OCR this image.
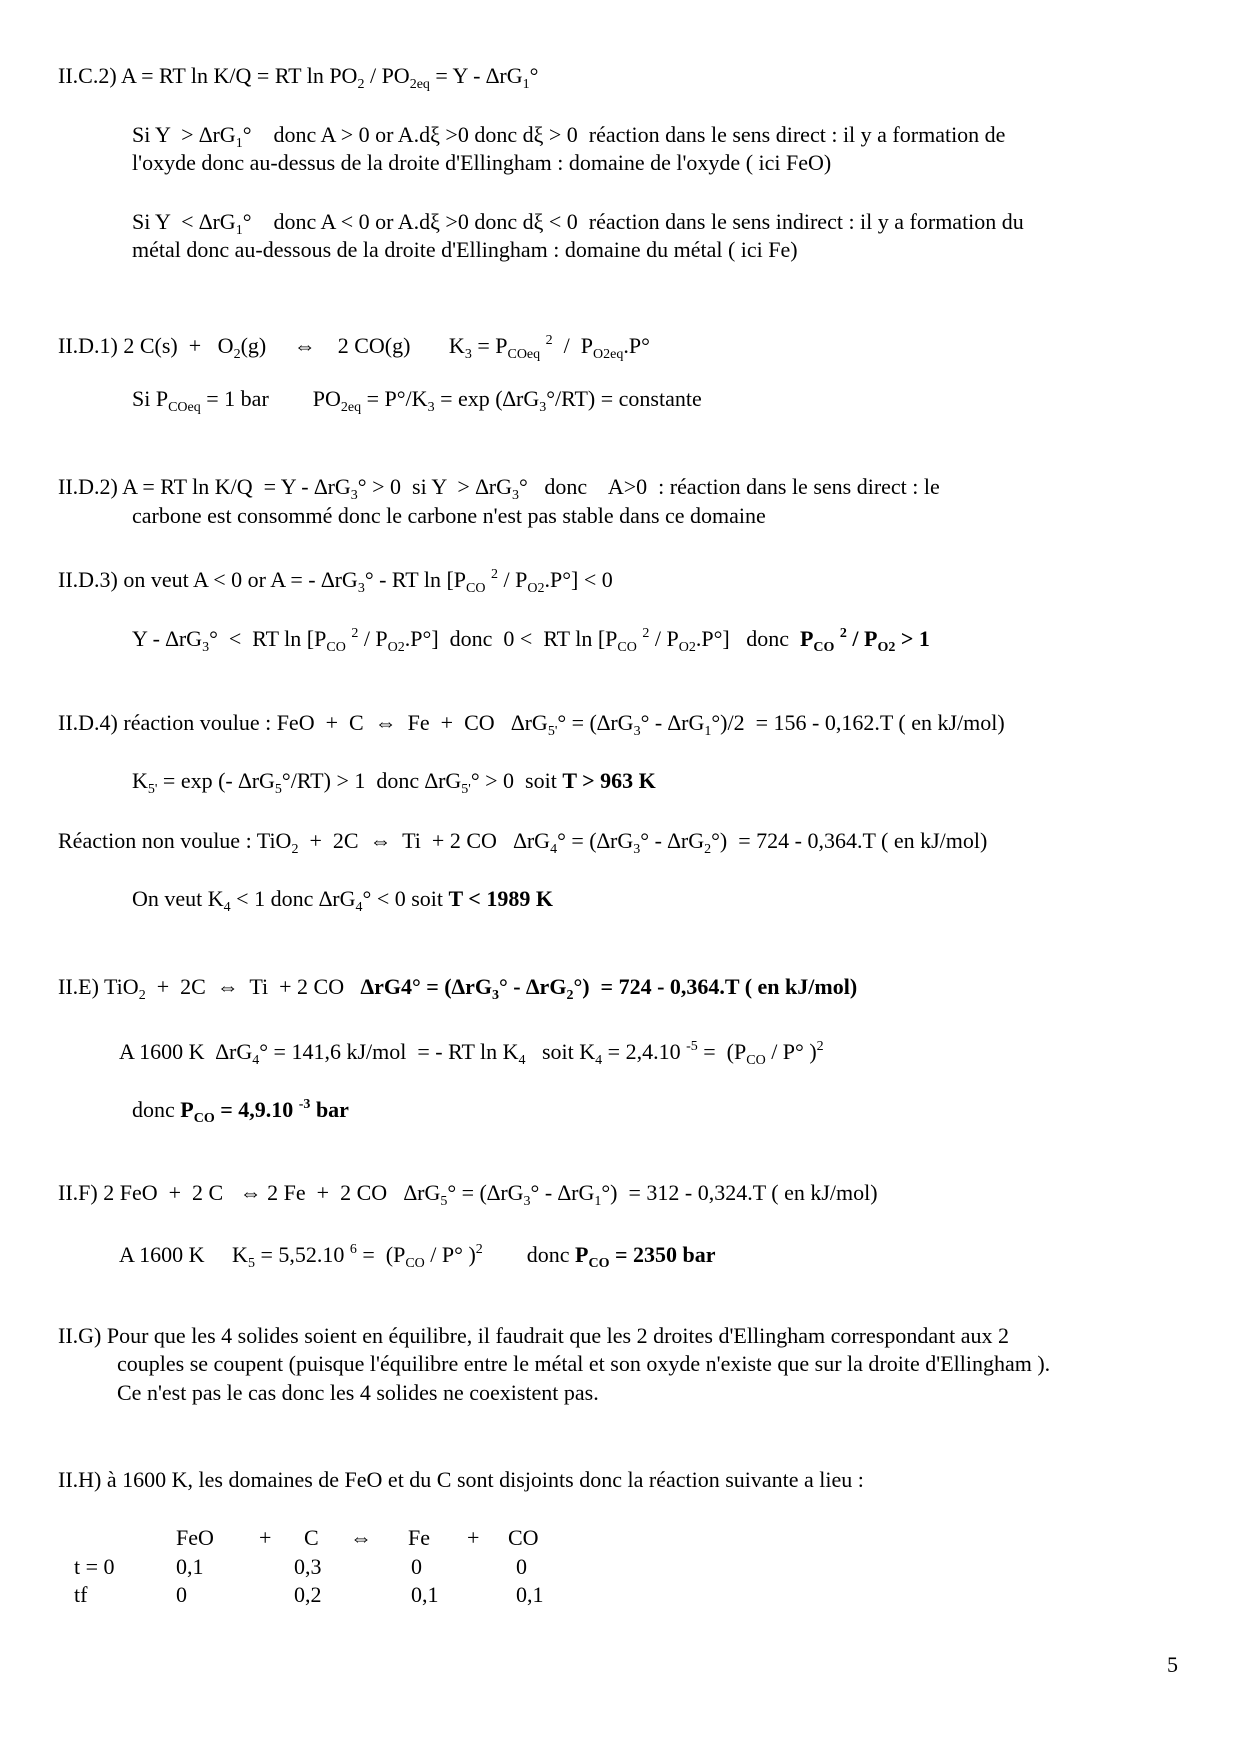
II.C.2) A = RT ln K/Q = RT $\ln PO_2 / PO_{2eq} = Y - \Delta rG_1^\circ$
Si $Y > \Delta rG_1^\circ$    donc A > 0 or A.dξ >0 donc dξ > 0  réaction dans le sens direct : il y a formation de
l'oxyde donc au-dessus de la droite d'Ellingham : domaine de l'oxyde ( ici FeO)
Si $Y < \Delta rG_1^\circ$    donc A < 0 or A.dξ >0 donc dξ < 0  réaction dans le sens indirect : il y a formation du
métal donc au-dessous de la droite d'Ellingham : domaine du métal ( ici Fe)
II.D.1) 2 $C(s) + O_2(g)$     ⇔    2 CO(g)       $K_3 = P_{COeq}$ $^2 / P_{O2eq}.P^\circ$
Si $P_{COeq} = 1$ bar        $PO_{2eq} = P^\circ/K_3 = \exp (\Delta rG_3^\circ/RT)$ = constante
II.D.2) A = RT $\ln K/Q = Y - \Delta rG_3^\circ > 0$  si $Y > \Delta rG_3^\circ$   donc    A>0  : réaction dans le sens direct : le
carbone est consommé donc le carbone n'est pas stable dans ce domaine
II.D.3) on veut A < 0 or A = - $\Delta rG_3^\circ$ - RT $\ln [P_{CO}$ $^2 / P_{O2}.P^\circ] < 0$
Y - $\Delta rG_3^\circ$  <  RT $\ln [P_{CO}$ $^2 / P_{O2}.P^\circ$]  donc  0 <  RT $\ln [P_{CO}$ $^2 / P_{O2}.P^\circ$]   donc  $P_{CO}$ $^2 / P_{O2} > 1$
II.D.4) réaction voulue : FeO  +  C  ⇔  Fe  +  CO   $\Delta rG_{5'}^\circ = (\Delta rG_3^\circ - \Delta rG_1^\circ)/2 = 156 - 0,162.T$ ( en kJ/mol)
$K_{5'} = \exp$ (- $\Delta rG_5^\circ/RT) > 1$  donc $\Delta rG_{5'}^\circ > 0$  soit T > 963 K
Réaction non voulue : TiO$_2$  +  2C  ⇔  Ti  + 2 CO   $\Delta rG_4^\circ = (\Delta rG_3^\circ - \Delta rG_2^\circ) = 724 - 0,364.T$ ( en kJ/mol)
On veut $K_4 < 1$ donc $\Delta rG_4^\circ < 0$ soit T < 1989 K
II.E) TiO$_2$  +  2C  ⇔  Ti  + 2 CO   $\Delta rG4^\circ = (\Delta rG_3^\circ - \Delta rG_2^\circ) = 724 - 0,364.T$ ( en kJ/mol)
A 1600 K  $\Delta rG_4^\circ = 141,6$ kJ/mol  = - RT $\ln K_4$   soit $K_4 = 2,4.10$ $^{-5} = (P_{CO} / P^\circ$ )$^2$
donc $P_{CO} = 4,9.10$ $^{-3}$ bar
II.F) 2 FeO  +  2 C   ⇔ 2 Fe  +  2 CO   $\Delta rG_5^\circ = (\Delta rG_3^\circ - \Delta rG_1^\circ) = 312 - 0,324.T$ ( en kJ/mol)
A 1600 K     $K_5 = 5,52.10$ $^6 = (P_{CO} / P^\circ$ )$^2$        donc $P_{CO} = 2350$ bar
II.G) Pour que les 4 solides soient en équilibre, il faudrait que les 2 droites d'Ellingham correspondant aux 2
couples se coupent (puisque l'équilibre entre le métal et son oxyde n'existe que sur la droite d'Ellingham ).
Ce n'est pas le cas donc les 4 solides ne coexistent pas.
II.H) à 1600 K, les domaines de FeO et du C sont disjoints donc la réaction suivante a lieu :
FeO + C ⇔ Fe + CO
t = 0	0,1	0,3	0	0
tf	0	0,2	0,1	0,1
5
